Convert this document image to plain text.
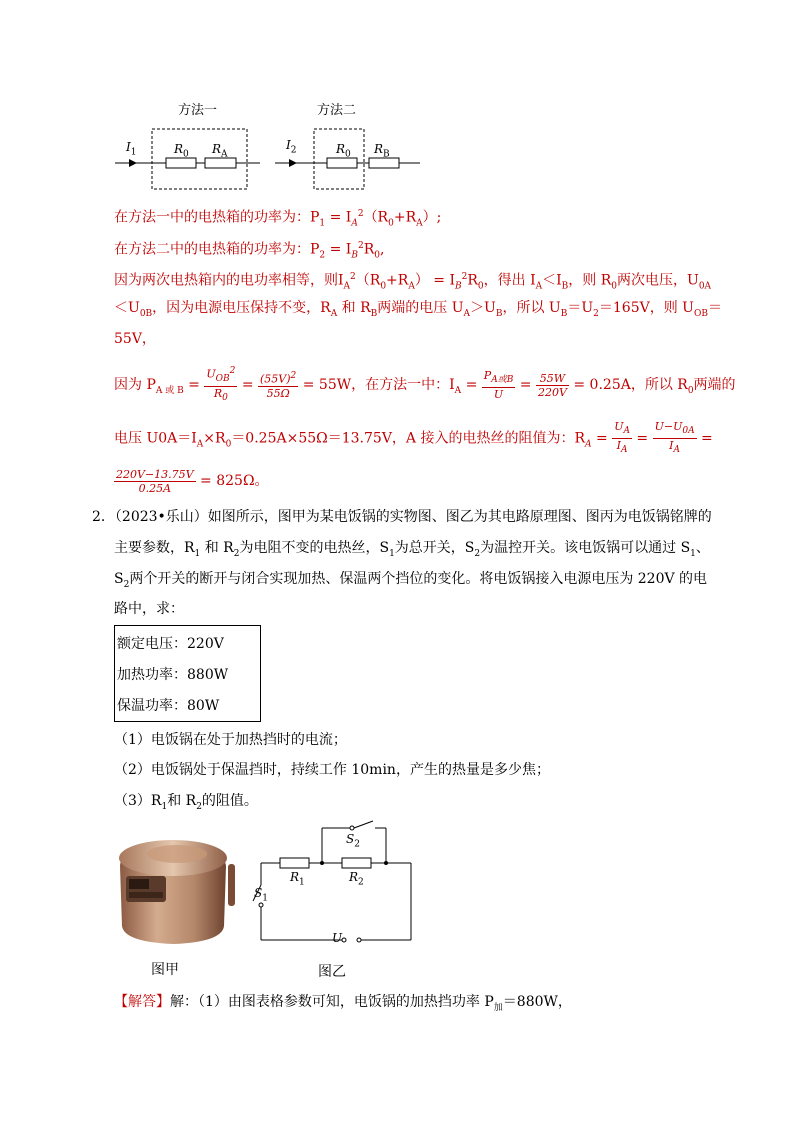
方法一	方法二
$I_1$	$R_0$ $R_A$
$I_2$	$R_0$ $R_B$
在方法一中的电热箱的功率为：$P_1 = I_A^2(R_0+R_A)$;
在方法二中的电热箱的功率为：$P_2 = I_B^2R_0$,
因为两次电热箱内的电功率相等，则$I_A^2(R_0+R_A) = I_B^2R_0$，得出 $I_A<I_B$，则 $R_0$两次电压，$U_{0A}$
$<U_{0B}$，因为电源电压保持不变，$R_A$ 和 $R_B$两端的电压 $U_A>U_B$，所以 $U_B=U_2=165V$，则 $U_{OB}=$
55V，
因为 $P_{A 或 B} = \frac{U_{OB}^2}{R_0} = \frac{(55V)^2}{55\Omega} = 55W$，在方法一中：$I_A = \frac{P_{A或B}}{U} = \frac{55W}{220V} = 0.25A$，所以 $R_0$两端的
电压 $U0A=I_A\times R_0=0.25A\times 55\Omega=13.75V$，A 接入的电热丝的阻值为：$R_A = \frac{U_A}{I_A} = \frac{U-U_{0A}}{I_A}$ =
$\frac{220V-13.75V}{0.25A} = 825\Omega$。
2．（2023•乐山）如图所示，图甲为某电饭锅的实物图、图乙为其电路原理图、图丙为电饭锅铭牌的
主要参数，$R_1$ 和 $R_2$为电阻不变的电热丝，$S_1$为总开关，$S_2$为温控开关。该电饭锅可以通过 $S_1$、
$S_2$两个开关的断开与闭合实现加热、保温两个挡位的变化。将电饭锅接入电源电压为 220V 的电
路中，求：
额定电压：220V
加热功率：880W
保温功率：80W
（1）电饭锅在处于加热挡时的电流；
（2）电饭锅处于保温挡时，持续工作 10min，产生的热量是多少焦；
$(3)R_1$和 $R_2$的阻值。
$S_2$
$R_1$	$R_2$
$S_1$
U
图甲	图乙
【解答】解：（1）由图表格参数可知，电饭锅的加热挡功率 $P_加=880W$，
